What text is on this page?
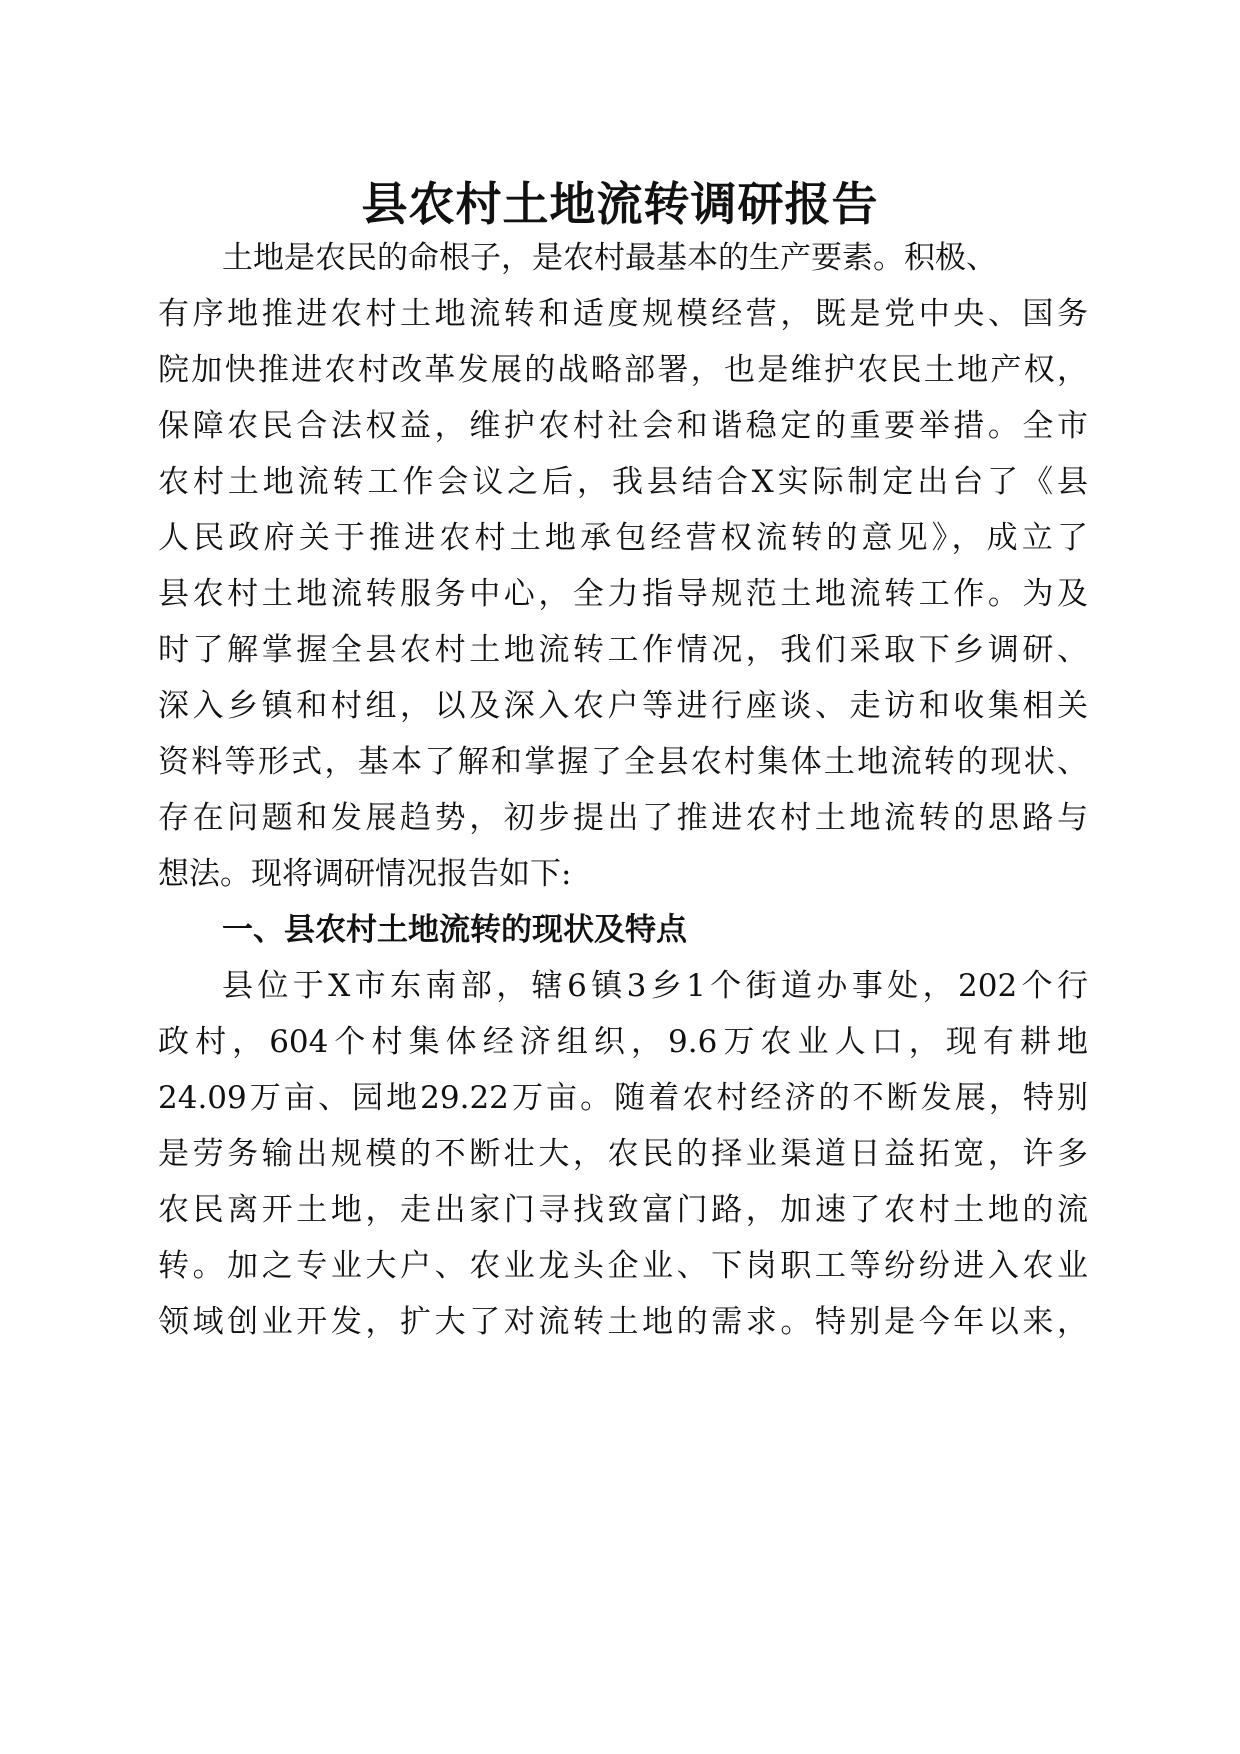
县农村土地流转调研报告
土地是农民的命根子，是农村最基本的生产要素。积极、
有序地推进农村土地流转和适度规模经营，既是党中央、国务
院加快推进农村改革发展的战略部署，也是维护农民土地产权，
保障农民合法权益，维护农村社会和谐稳定的重要举措。全市
农村土地流转工作会议之后，我县结合X实际制定出台了《县
人民政府关于推进农村土地承包经营权流转的意见》，成立了
县农村土地流转服务中心，全力指导规范土地流转工作。为及
时了解掌握全县农村土地流转工作情况，我们采取下乡调研、
深入乡镇和村组，以及深入农户等进行座谈、走访和收集相关
资料等形式，基本了解和掌握了全县农村集体土地流转的现状、
存在问题和发展趋势，初步提出了推进农村土地流转的思路与
想法。现将调研情况报告如下:
一、县农村土地流转的现状及特点
县位于X市东南部，辖6镇3乡1个街道办事处，202个行
政村，604个村集体经济组织，9.6万农业人口，现有耕地
24.09万亩、园地29.22万亩。随着农村经济的不断发展，特别
是劳务输出规模的不断壮大，农民的择业渠道日益拓宽，许多
农民离开土地，走出家门寻找致富门路，加速了农村土地的流
转。加之专业大户、农业龙头企业、下岗职工等纷纷进入农业
领域创业开发，扩大了对流转土地的需求。特别是今年以来，
